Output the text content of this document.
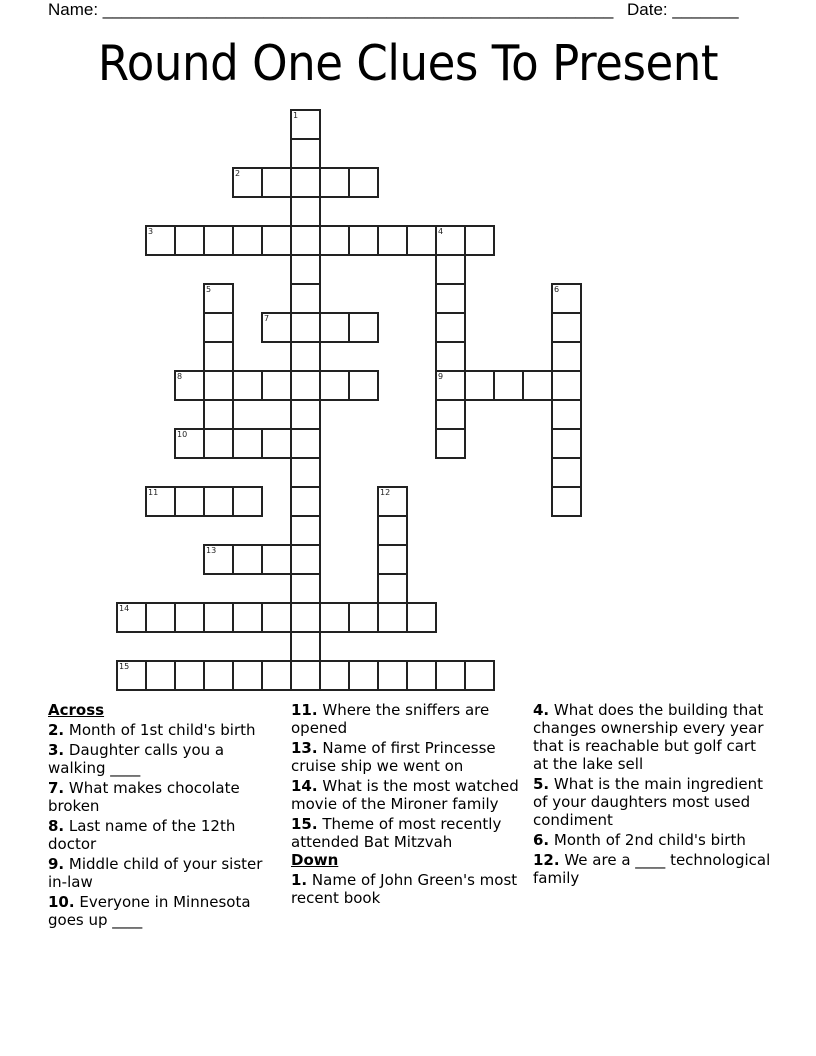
Name: ______________________________________________________ Date: _______
Round One Clues To Present
1
2
3	4
9
5	6
7
8
10
11	12
13
14
15
Across
2. Month of 1st child's birth
3. Daughter calls you a walking ____
7. What makes chocolate broken
8. Last name of the 12th doctor
9. Middle child of your sister in-law
10. Everyone in Minnesota goes up ____
11. Where the sniffers are opened
13. Name of first Princesse cruise ship we went on
14. What is the most watched movie of the Mironer family
15. Theme of most recently attended Bat Mitzvah
Down
1. Name of John Green's most recent book
4. What does the building that changes ownership every year that is reachable but golf cart at the lake sell
5. What is the main ingredient of your daughters most used condiment
6. Month of 2nd child's birth
12. We are a ____ technological family
